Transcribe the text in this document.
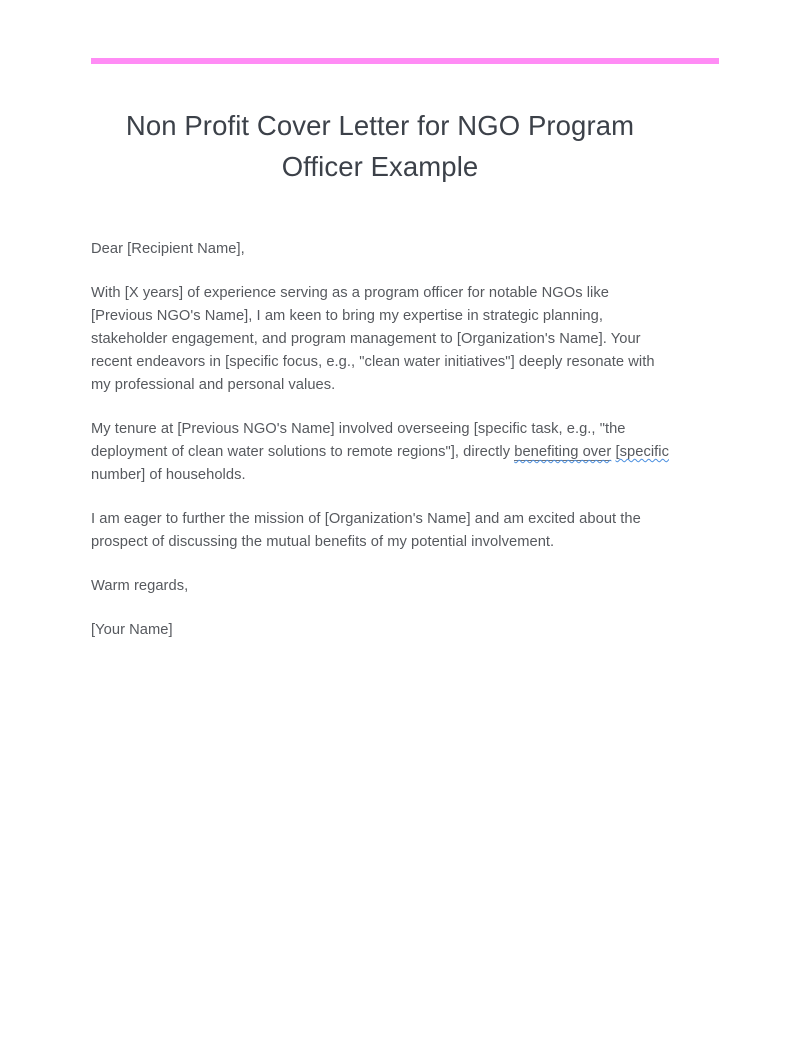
Non Profit Cover Letter for NGO Program Officer Example

Dear [Recipient Name],

With [X years] of experience serving as a program officer for notable NGOs like [Previous NGO's Name], I am keen to bring my expertise in strategic planning, stakeholder engagement, and program management to [Organization's Name]. Your recent endeavors in [specific focus, e.g., "clean water initiatives"] deeply resonate with my professional and personal values.

My tenure at [Previous NGO's Name] involved overseeing [specific task, e.g., "the deployment of clean water solutions to remote regions"], directly benefiting over [specific number] of households.

I am eager to further the mission of [Organization's Name] and am excited about the prospect of discussing the mutual benefits of my potential involvement.

Warm regards,

[Your Name]
